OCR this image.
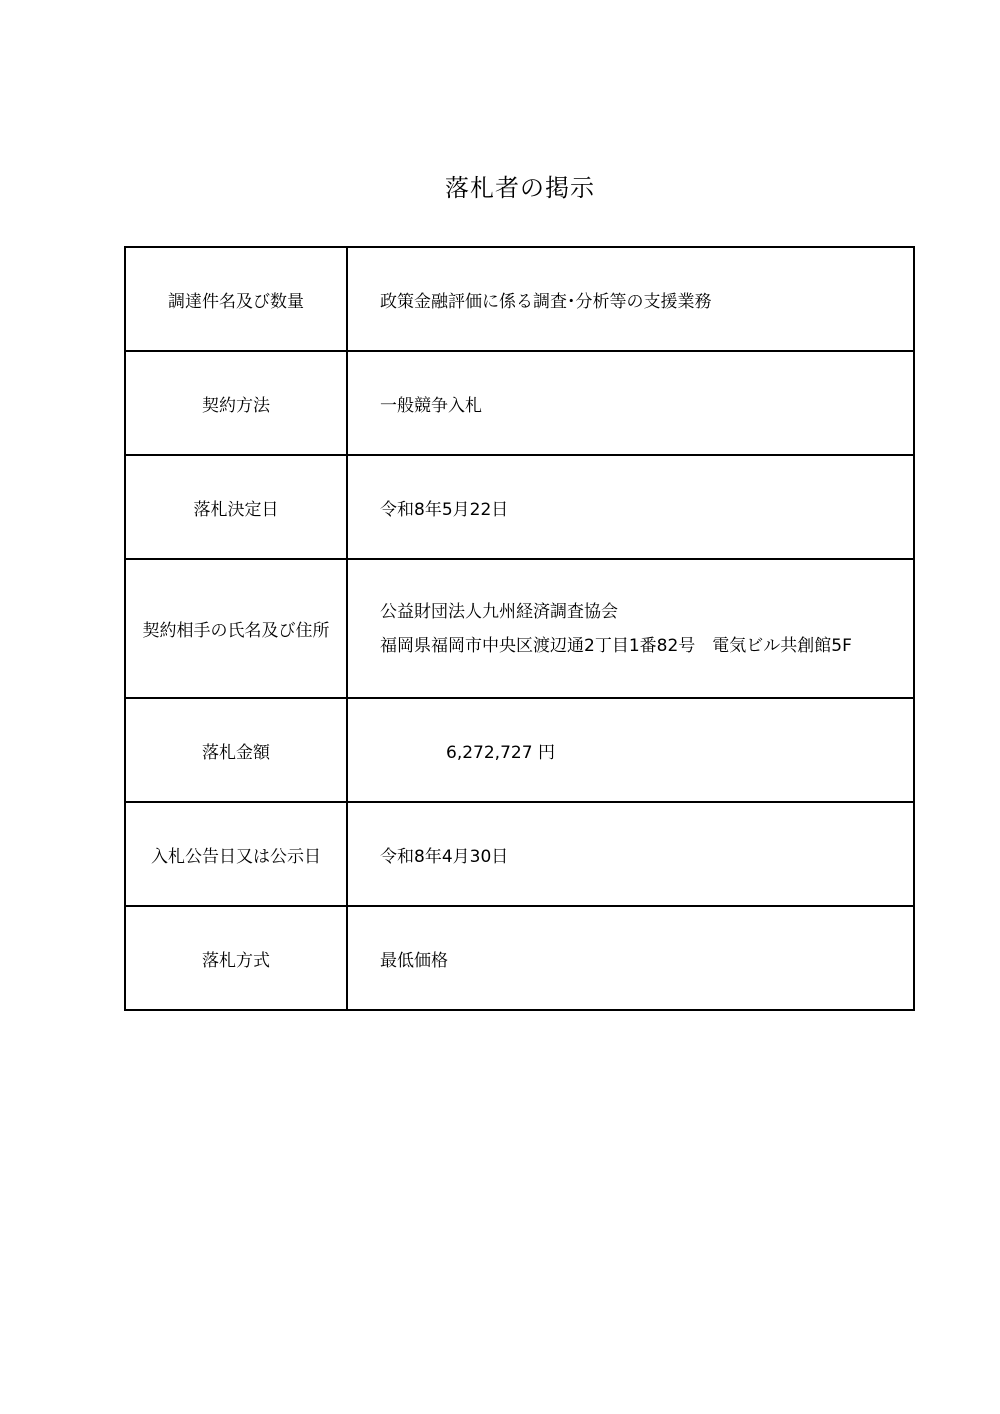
落札者の掲示
調達件名及び数量	政策金融評価に係る調査･分析等の支援業務
契約方法	一般競争入札
落札決定日	令和8年5月22日
契約相手の氏名及び住所	公益財団法人九州経済調査協会
福岡県福岡市中央区渡辺通2丁目1番82号　電気ビル共創館5F

落札金額	6,272,727 円
入札公告日又は公示日	令和8年4月30日
落札方式	最低価格
